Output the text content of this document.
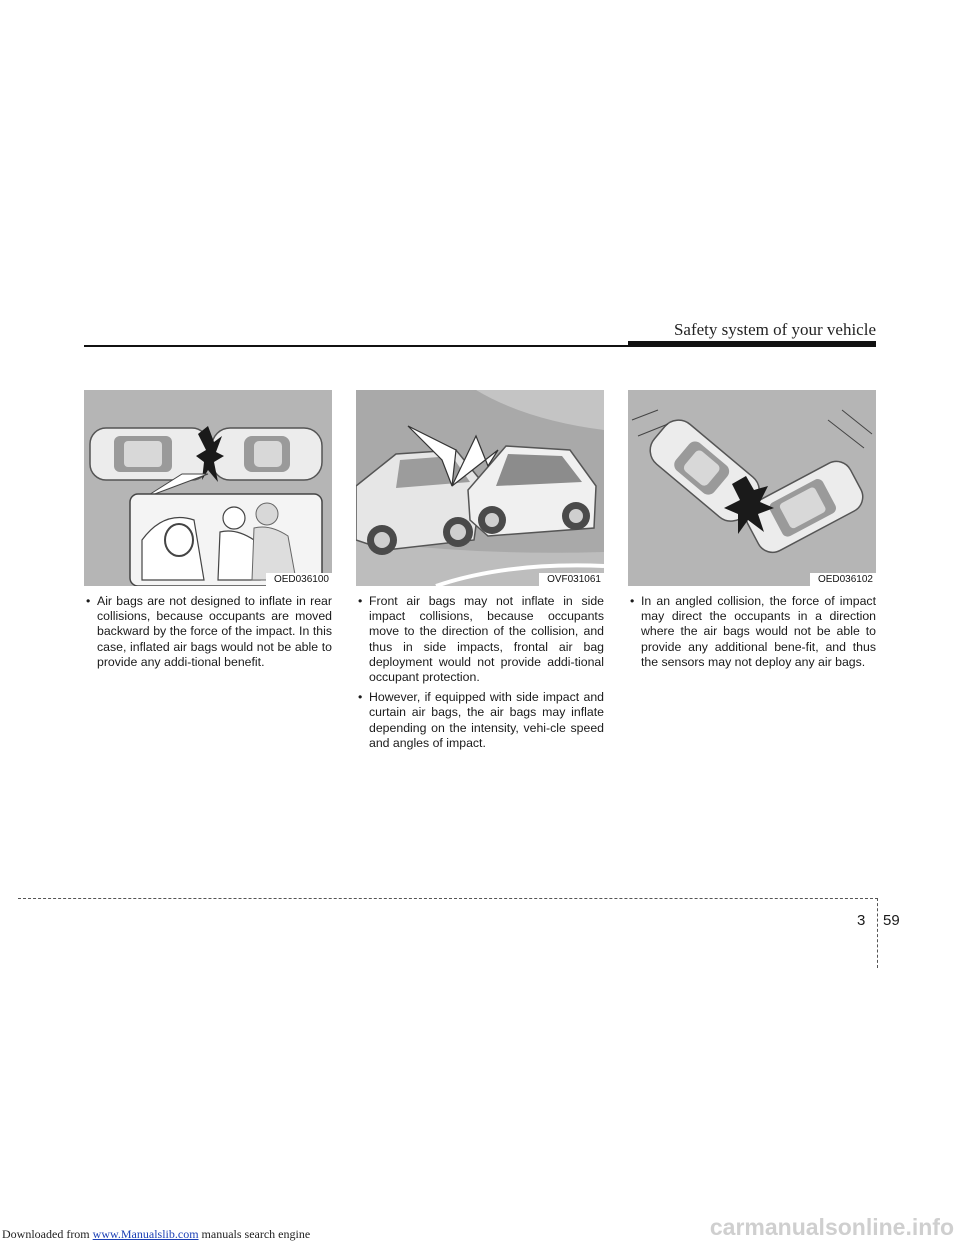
Safety system of your vehicle
OED036100	OVF031061	OED036102

• Air bags are not designed to inflate in rear collisions, because occupants are moved backward by the force of the impact. In this case, inflated air bags would not be able to provide any addi-tional benefit.

• Front air bags may not inflate in side impact collisions, because occupants move to the direction of the collision, and thus in side impacts, frontal air bag deployment would not provide addi-tional occupant protection.

• However, if equipped with side impact and curtain air bags, the air bags may inflate depending on the intensity, vehi-cle speed and angles of impact.

• In an angled collision, the force of impact may direct the occupants in a direction where the air bags would not be able to provide any additional bene-fit, and thus the sensors may not deploy any air bags.

3 59
Downloaded from www.Manualslib.com manuals search engine	carmanualsonline.info
